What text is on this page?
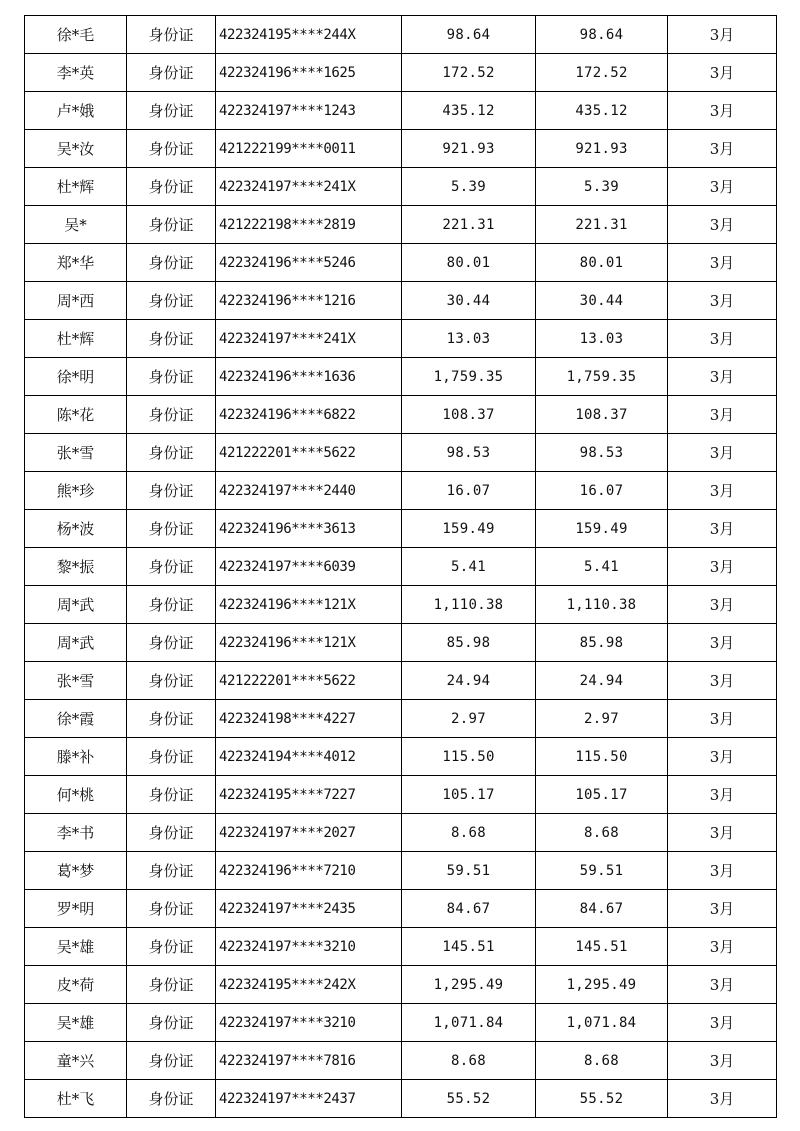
徐*毛	身份证	422324195****244X	98.64	98.64	3月
李*英	身份证	422324196****1625	172.52	172.52	3月
卢*娥	身份证	422324197****1243	435.12	435.12	3月
吴*汝	身份证	421222199****0011	921.93	921.93	3月
杜*辉	身份证	422324197****241X	5.39	5.39	3月
吴*	身份证	421222198****2819	221.31	221.31	3月
郑*华	身份证	422324196****5246	80.01	80.01	3月
周*西	身份证	422324196****1216	30.44	30.44	3月
杜*辉	身份证	422324197****241X	13.03	13.03	3月
徐*明	身份证	422324196****1636	1,759.35	1,759.35	3月
陈*花	身份证	422324196****6822	108.37	108.37	3月
张*雪	身份证	421222201****5622	98.53	98.53	3月
熊*珍	身份证	422324197****2440	16.07	16.07	3月
杨*波	身份证	422324196****3613	159.49	159.49	3月
黎*振	身份证	422324197****6039	5.41	5.41	3月
周*武	身份证	422324196****121X	1,110.38	1,110.38	3月
周*武	身份证	422324196****121X	85.98	85.98	3月
张*雪	身份证	421222201****5622	24.94	24.94	3月
徐*霞	身份证	422324198****4227	2.97	2.97	3月
滕*补	身份证	422324194****4012	115.50	115.50	3月
何*桃	身份证	422324195****7227	105.17	105.17	3月
李*书	身份证	422324197****2027	8.68	8.68	3月
葛*梦	身份证	422324196****7210	59.51	59.51	3月
罗*明	身份证	422324197****2435	84.67	84.67	3月
吴*雄	身份证	422324197****3210	145.51	145.51	3月
皮*荷	身份证	422324195****242X	1,295.49	1,295.49	3月
吴*雄	身份证	422324197****3210	1,071.84	1,071.84	3月
童*兴	身份证	422324197****7816	8.68	8.68	3月
杜*飞	身份证	422324197****2437	55.52	55.52	3月
